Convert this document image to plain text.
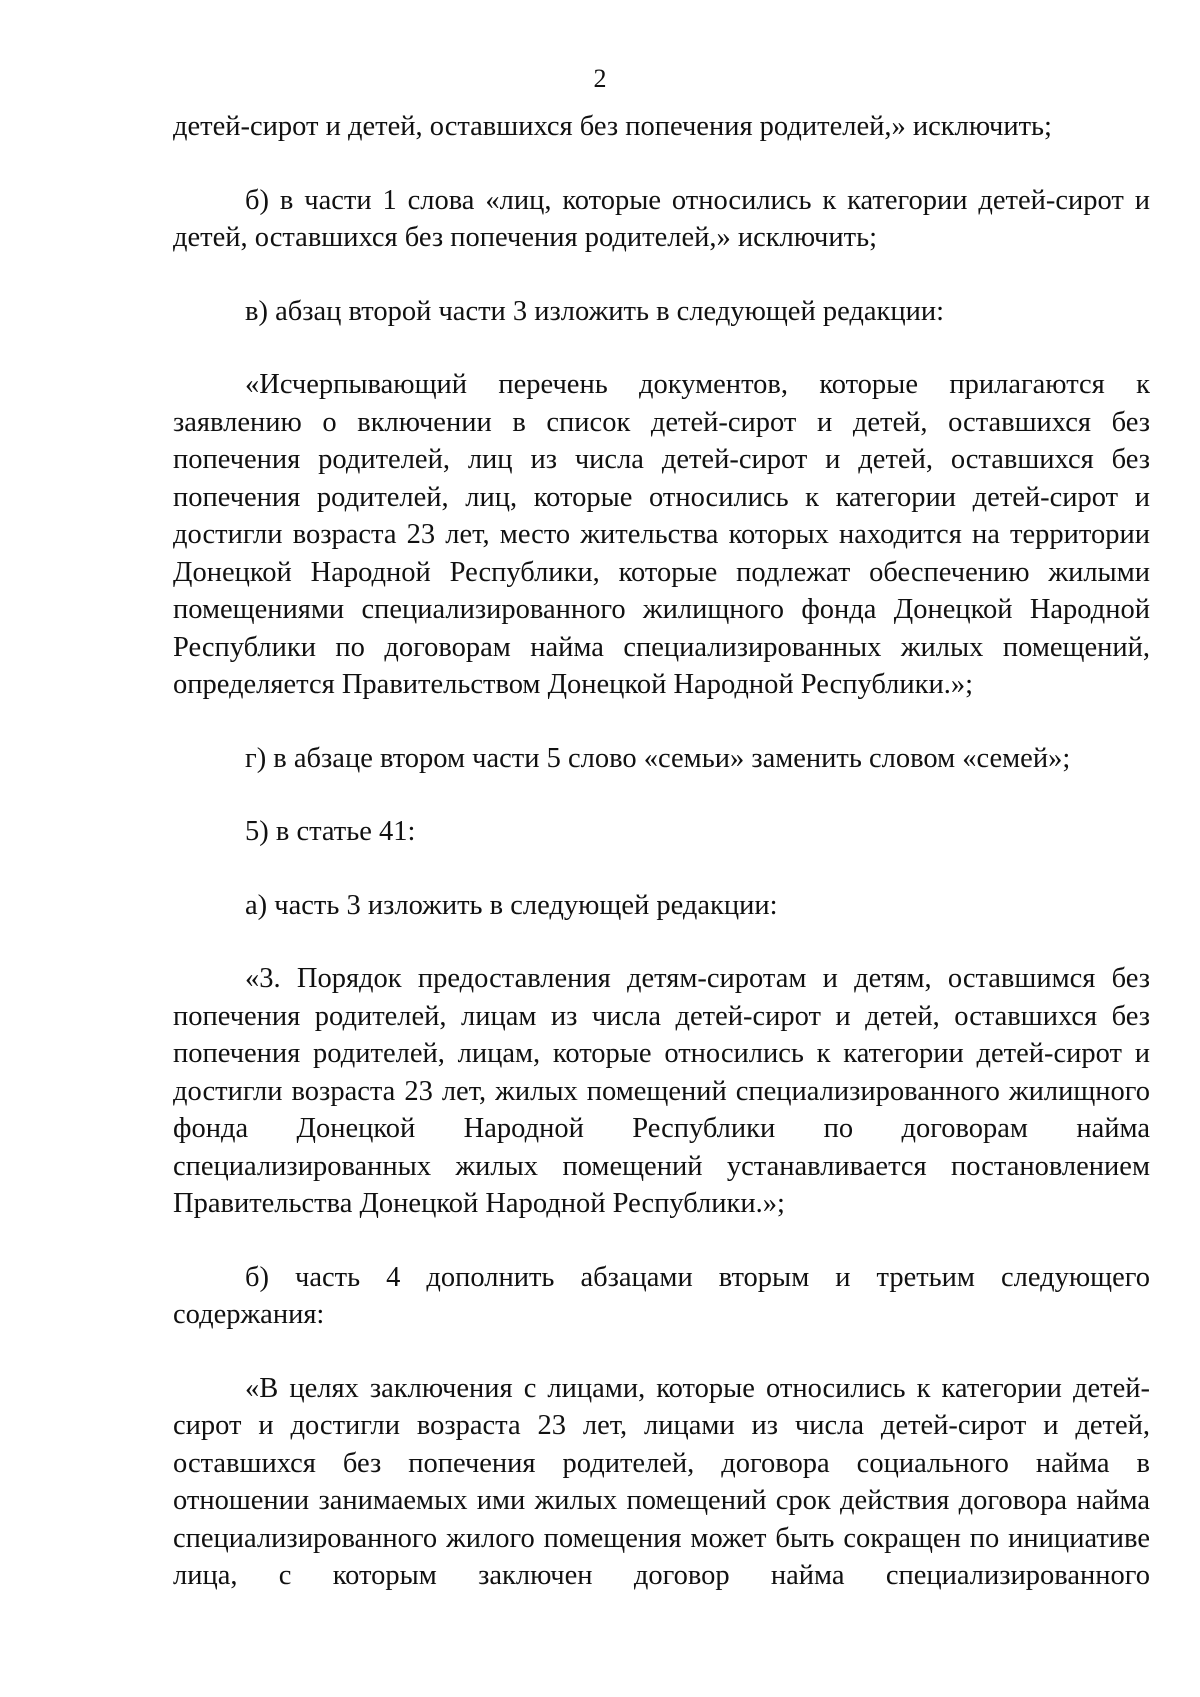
2

детей-сирот и детей, оставшихся без попечения родителей,» исключить;

б) в части 1 слова «лиц, которые относились к категории детей-сирот и детей, оставшихся без попечения родителей,» исключить;

в) абзац второй части 3 изложить в следующей редакции:

«Исчерпывающий перечень документов, которые прилагаются к заявлению о включении в список детей-сирот и детей, оставшихся без попечения родителей, лиц из числа детей-сирот и детей, оставшихся без попечения родителей, лиц, которые относились к категории детей-сирот и достигли возраста 23 лет, место жительства которых находится на территории Донецкой Народной Республики, которые подлежат обеспечению жилыми помещениями специализированного жилищного фонда Донецкой Народной Республики по договорам найма специализированных жилых помещений, определяется Правительством Донецкой Народной Республики.»;

г) в абзаце втором части 5 слово «семьи» заменить словом «семей»;

5) в статье 41:

а) часть 3 изложить в следующей редакции:

«3. Порядок предоставления детям-сиротам и детям, оставшимся без попечения родителей, лицам из числа детей-сирот и детей, оставшихся без попечения родителей, лицам, которые относились к категории детей-сирот и достигли возраста 23 лет, жилых помещений специализированного жилищного фонда Донецкой Народной Республики по договорам найма специализированных жилых помещений устанавливается постановлением Правительства Донецкой Народной Республики.»;

б) часть 4 дополнить абзацами вторым и третьим следующего содержания:

«В целях заключения с лицами, которые относились к категории детей-сирот и достигли возраста 23 лет, лицами из числа детей-сирот и детей, оставшихся без попечения родителей, договора социального найма в отношении занимаемых ими жилых помещений срок действия договора найма специализированного жилого помещения может быть сокращен по инициативе лица, с которым заключен договор найма специализированного
